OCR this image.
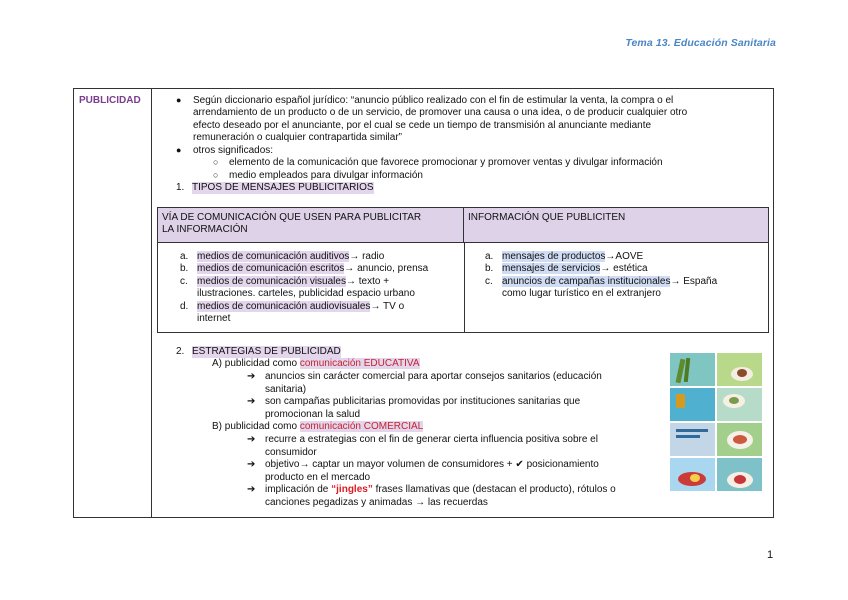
Tema 13. Educación Sanitaria
PUBLICIDAD	● Según diccionario español jurídico: “anuncio público realizado con el fin de estimular la venta, la compra o el
arrendamiento de un producto o de un servicio, de promover una causa o una idea, o de producir cualquier otro
efecto deseado por el anunciante, por el cual se cede un tiempo de transmisión al anunciante mediante
remuneración o cualquier contrapartida similar”
● otros significados:
○ elemento de la comunicación que favorece promocionar y promover ventas y divulgar información
○ medio empleados para divulgar información
1. TIPOS DE MENSAJES PUBLICITARIOS
VÍA DE COMUNICACIÓN QUE USEN PARA PUBLICITAR
LA INFORMACIÓN
INFORMACIÓN QUE PUBLICITEN
a. medios de comunicación auditivos→ radio
b. medios de comunicación escritos→ anuncio, prensa
c. medios de comunicación visuales→ texto +
ilustraciones. carteles, publicidad espacio urbano
d. medios de comunicación audiovisuales→ TV o
internet
a. mensajes de productos→AOVE
b. mensajes de servicios→ estética
c. anuncios de campañas institucionales→ España
como lugar turístico en el extranjero
2. ESTRATEGIAS DE PUBLICIDAD
A) publicidad como comunicación EDUCATIVA
➔ anuncios sin carácter comercial para aportar consejos sanitarios (educación
sanitaria)
➔ son campañas publicitarias promovidas por instituciones sanitarias que
promocionan la salud
B) publicidad como comunicación COMERCIAL
➔ recurre a estrategias con el fin de generar cierta influencia positiva sobre el
consumidor
➔ objetivo→ captar un mayor volumen de consumidores + ✔ posicionamiento
producto en el mercado
➔ implicación de “jingles” frases llamativas que (destacan el producto), rótulos o
canciones pegadizas y animadas → las recuerdas
1
